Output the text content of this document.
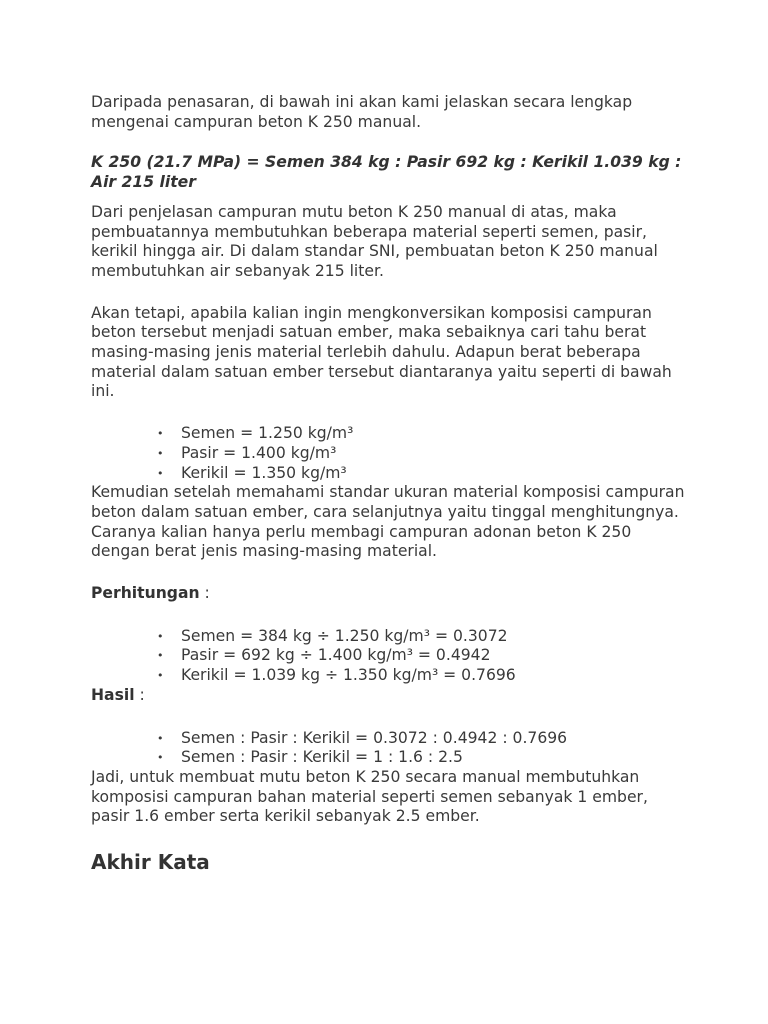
Daripada penasaran, di bawah ini akan kami jelaskan secara lengkap mengenai campuran beton K 250 manual.

K 250 (21.7 MPa) = Semen 384 kg : Pasir 692 kg : Kerikil 1.039 kg : Air 215 liter

Dari penjelasan campuran mutu beton K 250 manual di atas, maka pembuatannya membutuhkan beberapa material seperti semen, pasir, kerikil hingga air. Di dalam standar SNI, pembuatan beton K 250 manual membutuhkan air sebanyak 215 liter.

Akan tetapi, apabila kalian ingin mengkonversikan komposisi campuran beton tersebut menjadi satuan ember, maka sebaiknya cari tahu berat masing-masing jenis material terlebih dahulu. Adapun berat beberapa material dalam satuan ember tersebut diantaranya yaitu seperti di bawah ini.

• Semen = 1.250 kg/m³
• Pasir = 1.400 kg/m³
• Kerikil = 1.350 kg/m³

Kemudian setelah memahami standar ukuran material komposisi campuran beton dalam satuan ember, cara selanjutnya yaitu tinggal menghitungnya. Caranya kalian hanya perlu membagi campuran adonan beton K 250 dengan berat jenis masing-masing material.

Perhitungan :

• Semen = 384 kg ÷ 1.250 kg/m³ = 0.3072
• Pasir = 692 kg ÷ 1.400 kg/m³ = 0.4942
• Kerikil = 1.039 kg ÷ 1.350 kg/m³ = 0.7696

Hasil :

• Semen : Pasir : Kerikil = 0.3072 : 0.4942 : 0.7696
• Semen : Pasir : Kerikil = 1 : 1.6 : 2.5

Jadi, untuk membuat mutu beton K 250 secara manual membutuhkan komposisi campuran bahan material seperti semen sebanyak 1 ember, pasir 1.6 ember serta kerikil sebanyak 2.5 ember.

Akhir Kata
